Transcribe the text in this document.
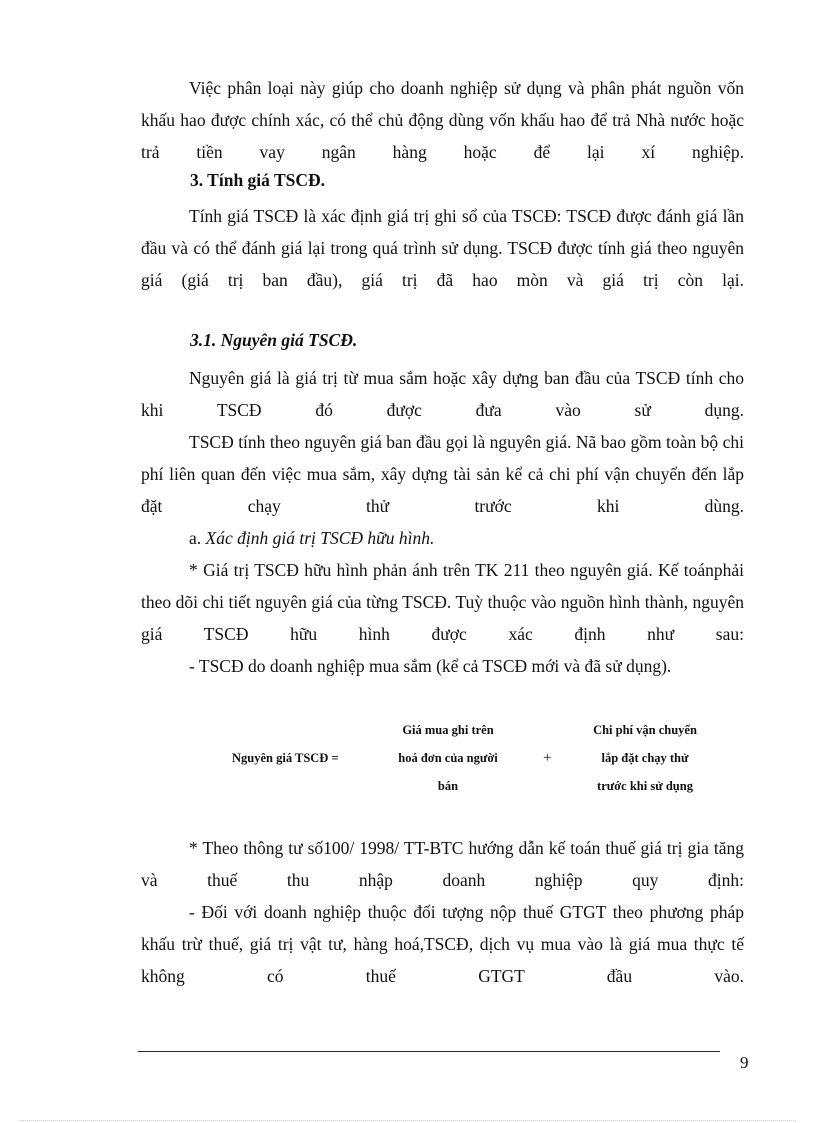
Việc phân loại này giúp cho doanh nghiệp sử dụng và phân phát nguồn vốn khấu hao được chính xác, có thể chủ động dùng vốn khấu hao để trả Nhà nước hoặc trả tiền vay ngân hàng hoặc để lại xí nghiệp.

3. Tính giá TSCĐ.

Tính giá TSCĐ là xác định giá trị ghi sổ của TSCĐ: TSCĐ được đánh giá lần đầu và có thể đánh giá lại trong quá trình sử dụng. TSCĐ được tính giá theo nguyên giá (giá trị ban đầu), giá trị đã hao mòn và giá trị còn lại.

3.1. Nguyên giá TSCĐ.

Nguyên giá là giá trị từ mua sắm hoặc xây dựng ban đầu của TSCĐ tính cho khi TSCĐ đó được đưa vào sử dụng.

TSCĐ tính theo nguyên giá ban đầu gọi là nguyên giá. Nã bao gồm toàn bộ chi phí liên quan đến việc mua sắm, xây dựng tài sản kể cả chi phí vận chuyển đến lắp đặt chạy thử trước khi dùng.

a. Xác định giá trị TSCĐ hữu hình.

* Giá trị TSCĐ hữu hình phản ánh trên TK 211 theo nguyên giá. Kế toánphải theo dõi chi tiết nguyên giá của từng TSCĐ. Tuỳ thuộc vào nguồn hình thành, nguyên giá TSCĐ hữu hình được xác định như sau:

- TSCĐ do doanh nghiệp mua sắm (kể cả TSCĐ mới và đã sử dụng).

Nguyên giá TSCĐ =
Giá mua ghi trên
hoá đơn của người
bán
+
Chi phí vận chuyển
lắp đặt chạy thử
trước khi sử dụng

* Theo thông tư số100/ 1998/ TT-BTC hướng dẫn kế toán thuế giá trị gia tăng và thuế thu nhập doanh nghiệp quy định:

- Đối với doanh nghiệp thuộc đối tượng nộp thuế GTGT theo phương pháp khấu trừ thuế, giá trị vật tư, hàng hoá,TSCĐ, dịch vụ mua vào là giá mua thực tế không có thuế GTGT đầu vào.

9
